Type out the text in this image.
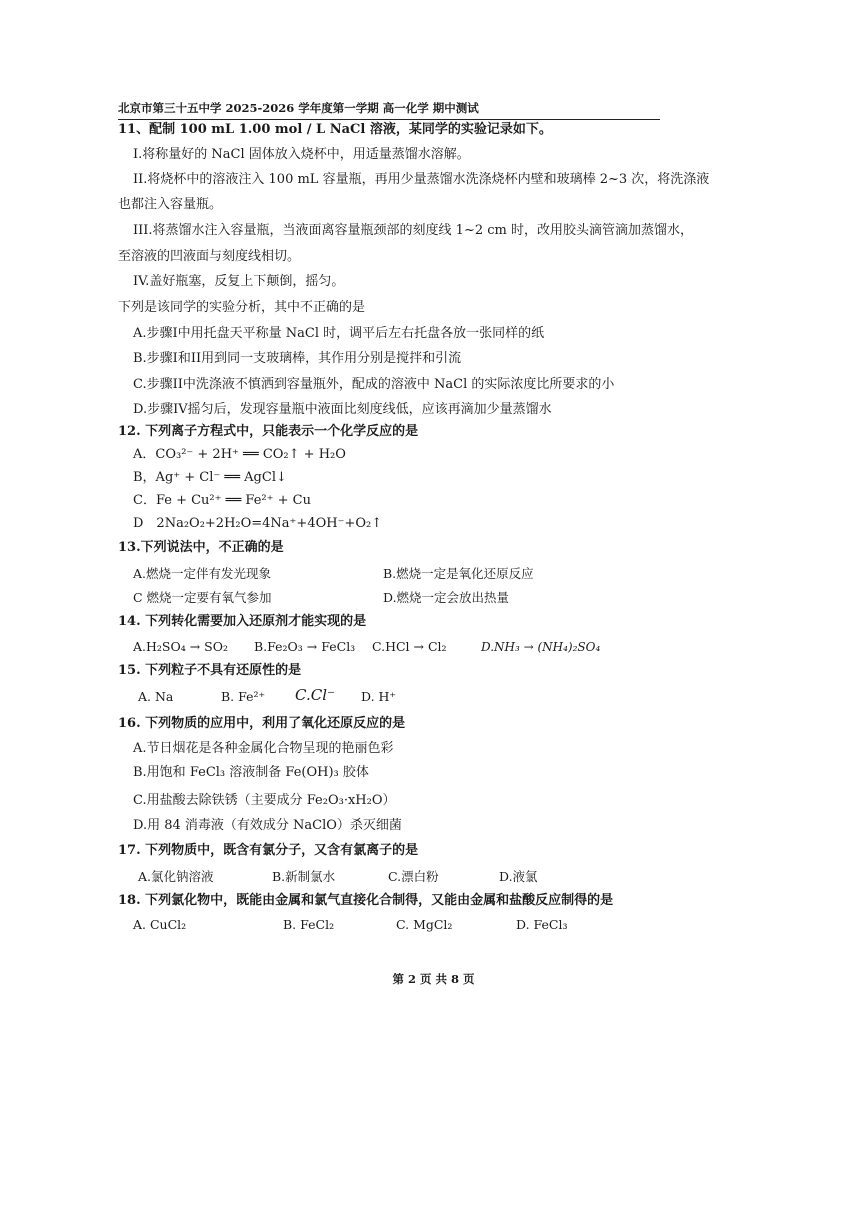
北京市第三十五中学 2025-2026 学年度第一学期 高一化学 期中测试
11、配制 100 mL 1.00 mol / L NaCl 溶液，某同学的实验记录如下。
I.将称量好的 NaCl 固体放入烧杯中，用适量蒸馏水溶解。
II.将烧杯中的溶液注入 100 mL 容量瓶，再用少量蒸馏水洗涤烧杯内壁和玻璃棒 2~3 次，将洗涤液
也都注入容量瓶。
III.将蒸馏水注入容量瓶，当液面离容量瓶颈部的刻度线 1~2 cm 时，改用胶头滴管滴加蒸馏水，
至溶液的凹液面与刻度线相切。
IV.盖好瓶塞，反复上下颠倒，摇匀。
下列是该同学的实验分析，其中不正确的是
A.步骤I中用托盘天平称量 NaCl 时，调平后左右托盘各放一张同样的纸
B.步骤I和II用到同一支玻璃棒，其作用分别是搅拌和引流
C.步骤II中洗涤液不慎洒到容量瓶外，配成的溶液中 NaCl 的实际浓度比所要求的小
D.步骤IV摇匀后，发现容量瓶中液面比刻度线低，应该再滴加少量蒸馏水
12. 下列离子方程式中，只能表示一个化学反应的是
A．CO₃²⁻ + 2H⁺ ══ CO₂↑ + H₂O
B，Ag⁺ + Cl⁻ ══ AgCl↓
C．Fe + Cu²⁺ ══ Fe²⁺ + Cu
D　2Na₂O₂+2H₂O=4Na⁺+4OH⁻+O₂↑
13.下列说法中，不正确的是
A.燃烧一定伴有发光现象	B.燃烧一定是氧化还原反应
C 燃烧一定要有氧气参加	D.燃烧一定会放出热量
14. 下列转化需要加入还原剂才能实现的是
A.H₂SO₄ → SO₂ B.Fe₂O₃ → FeCl₃ C.HCl → Cl₂	D.NH₃ → (NH₄)₂SO₄
15. 下列粒子不具有还原性的是
A. Na	B. Fe²⁺ C.Cl⁻ D. H⁺
16. 下列物质的应用中，利用了氧化还原反应的是
A.节日烟花是各种金属化合物呈现的艳丽色彩
B.用饱和 FeCl₃ 溶液制备 Fe(OH)₃ 胶体
C.用盐酸去除铁锈（主要成分 Fe₂O₃·xH₂O）
D.用 84 消毒液（有效成分 NaClO）杀灭细菌
17. 下列物质中，既含有氯分子，又含有氯离子的是
A.氯化钠溶液	B.新制氯水	C.漂白粉	D.液氯
18. 下列氯化物中，既能由金属和氯气直接化合制得，又能由金属和盐酸反应制得的是
A. CuCl₂	B. FeCl₂	C. MgCl₂	D. FeCl₃
第 2 页 共 8 页
